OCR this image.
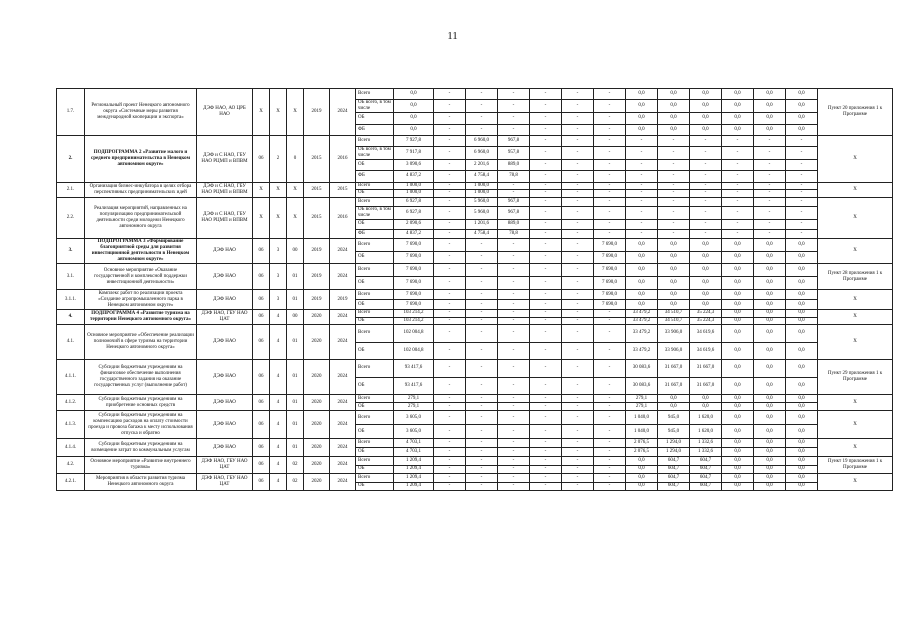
11
1.7.	Региональный проект Ненецкого автономного округа «Системные меры развития международной кооперации и экспорта»	ДЭФ НАО, АО ЦРБ НАО	Х	Х	Х	2019	2024	Всего	0,0	-	-	-	-	-	-	0,0	0,0	0,0	0,0	0,0	0,0	Пункт 20 приложения 1 к Программе
								ОБ всего, в том числе	0,0	-	-	-	-	-	-	0,0	0,0	0,0	0,0	0,0	0,0	
								ОБ	0,0	-	-	-	-	-	-	0,0	0,0	0,0	0,0	0,0	0,0	
								ФБ	0,0	-	-	-	-	-	-	0,0	0,0	0,0	0,0	0,0	0,0	
2.	ПОДПРОГРАММА 2 «Развитие малого и среднего предпринимательства в Ненецком автономном округе»	ДЭФ и С НАО, ГБУ НАО РЦМП и ВПВМ	06	2	0	2015	2016	Всего	7 927,8	-	6 960,0	967,8	-	-	-	-	-	-	-	-	-	Х
								ОБ всего, в том числе	7 917,8	-	6 960,0	957,8	-	-	-	-	-	-	-	-	-	
								ОБ	3 090,6	-	2 201,6	889,0	-	-	-	-	-	-	-	-	-	
								ФБ	4 837,2	-	4 758,4	78,8	-	-	-	-	-	-	-	-	-	
2.1.	Организация бизнес-инкубатора в целях отбора перспективных предпринимательских идей	ДЭФ и С НАО, ГБУ НАО РЦМП и ВПВМ	Х	Х	Х	2015	2015	Всего	1 000,0	-	1 000,0	-	-	-	-	-	-	-	-	-	-	Х
								ОБ	1 000,0	-	1 000,0	-	-	-	-	-	-	-	-	-	-	
2.2.	Реализация мероприятий, направленных на популяризацию предпринимательской деятельности среди молодежи Ненецкого автономного округа	ДЭФ и С НАО, ГБУ НАО РЦМП и ВПВМ	Х	Х	Х	2015	2016	Всего	6 927,8	-	5 960,0	967,8	-	-	-	-	-	-	-	-	-	Х
								ОБ всего, в том числе	6 927,8	-	5 960,0	967,8	-	-	-	-	-	-	-	-	-	
								ОБ	2 090,6	-	1 201,6	889,0	-	-	-	-	-	-	-	-	-	
								ФБ	4 837,2	-	4 758,4	78,8	-	-	-	-	-	-	-	-	-	
3.	ПОДПРОГРАММА 3 «Формирование благоприятной среды для развития инвестиционной деятельности в Ненецком автономном округе»	ДЭФ НАО	06	3	00	2019	2024	Всего	7 690,0	-	-	-	-	-	7 690,0	0,0	0,0	0,0	0,0	0,0	0,0	Х
								ОБ	7 690,0	-	-	-	-	-	7 690,0	0,0	0,0	0,0	0,0	0,0	0,0	
3.1.	Основное мероприятие «Оказание государственной и комплексной поддержки инвестиционной деятельности»	ДЭФ НАО	06	3	01	2019	2024	Всего	7 690,0	-	-	-	-	-	7 690,0	0,0	0,0	0,0	0,0	0,0	0,0	Пункт 28 приложения 1 к Программе
								ОБ	7 690,0	-	-	-	-	-	7 690,0	0,0	0,0	0,0	0,0	0,0	0,0	
3.1.1.	Комплекс работ по реализации проекта «Создание агропромышленного парка в Ненецком автономном округе»	ДЭФ НАО	06	3	01	2019	2019	Всего	7 690,0	-	-	-	-	-	7 690,0	0,0	0,0	0,0	0,0	0,0	0,0	Х
								ОБ	7 690,0	-	-	-	-	-	7 690,0	0,0	0,0	0,0	0,0	0,0	0,0	
4.	ПОДПРОГРАММА 4 «Развитие туризма на территории Ненецкого автономного округа»	ДЭФ НАО, ГБУ НАО ЦАТ	06	4	00	2020	2024	Всего	103 214,2	-	-	-	-	-	-	33 479,2	34 510,7	35 224,3	0,0	0,0	0,0	Х
								ОБ	103 214,2	-	-	-	-	-	-	33 479,2	34 510,7	35 224,3	0,0	0,0	0,0	
4.1.	Основное мероприятие «Обеспечение реализации полномочий в сфере туризма на территории Ненецкого автономного округа»	ДЭФ НАО	06	4	01	2020	2024	Всего	102 004,8	-	-	-	-	-	-	33 479,2	33 906,0	34 619,6	0,0	0,0	0,0	Х
								ОБ	102 004,8	-	-	-	-	-	-	33 479,2	33 906,0	34 619,6	0,0	0,0	0,0	
4.1.1.	Субсидии бюджетным учреждениям на финансовое обеспечение выполнения государственного задания на оказание государственных услуг (выполнение работ)	ДЭФ НАО	06	4	01	2020	2024	Всего	93 417,6	-	-	-	-	-	-	30 083,6	31 667,0	31 667,0	0,0	0,0	0,0	Пункт 29 приложения 1 к Программе
								ОБ	93 417,6	-	-	-	-	-	-	30 083,6	31 667,0	31 667,0	0,0	0,0	0,0	
4.1.2.	Субсидии бюджетным учреждениям на приобретение основных средств	ДЭФ НАО	06	4	01	2020	2024	Всего	279,1	-	-	-	-	-	-	279,1	0,0	0,0	0,0	0,0	0,0	Х
								ОБ	279,1	-	-	-	-	-	-	279,1	0,0	0,0	0,0	0,0	0,0	
4.1.3.	Субсидии бюджетным учреждениям на компенсацию расходов на оплату стоимости проезда и провоза багажа к месту использования отпуска и обратно	ДЭФ НАО	06	4	01	2020	2024	Всего	3 605,0	-	-	-	-	-	-	1 040,0	945,0	1 620,0	0,0	0,0	0,0	Х
								ОБ	3 605,0	-	-	-	-	-	-	1 040,0	945,0	1 620,0	0,0	0,0	0,0	
4.1.4.	Субсидии бюджетным учреждениям на возмещение затрат по коммунальным услугам	ДЭФ НАО	06	4	01	2020	2024	Всего	4 703,1	-	-	-	-	-	-	2 076,5	1 294,0	1 332,6	0,0	0,0	0,0	Х
								ОБ	4 703,1	-	-	-	-	-	-	2 076,5	1 294,0	1 332,6	0,0	0,0	0,0	
4.2.	Основное мероприятие «Развитие внутреннего туризма»	ДЭФ НАО, ГБУ НАО ЦАТ	06	4	02	2020	2024	Всего	1 209,4	-	-	-	-	-	-	0,0	604,7	604,7	0,0	0,0	0,0	Пункт 19 приложения 1 к Программе
								ОБ	1 209,4	-	-	-	-	-	-	0,0	604,7	604,7	0,0	0,0	0,0	
4.2.1.	Мероприятия в области развития туризма Ненецкого автономного округа	ДЭФ НАО, ГБУ НАО ЦАТ	06	4	02	2020	2024	Всего	1 209,4	-	-	-	-	-	-	0,0	604,7	604,7	0,0	0,0	0,0	Х
								ОБ	1 209,4	-	-	-	-	-	-	0,0	604,7	604,7	0,0	0,0	0,0	
